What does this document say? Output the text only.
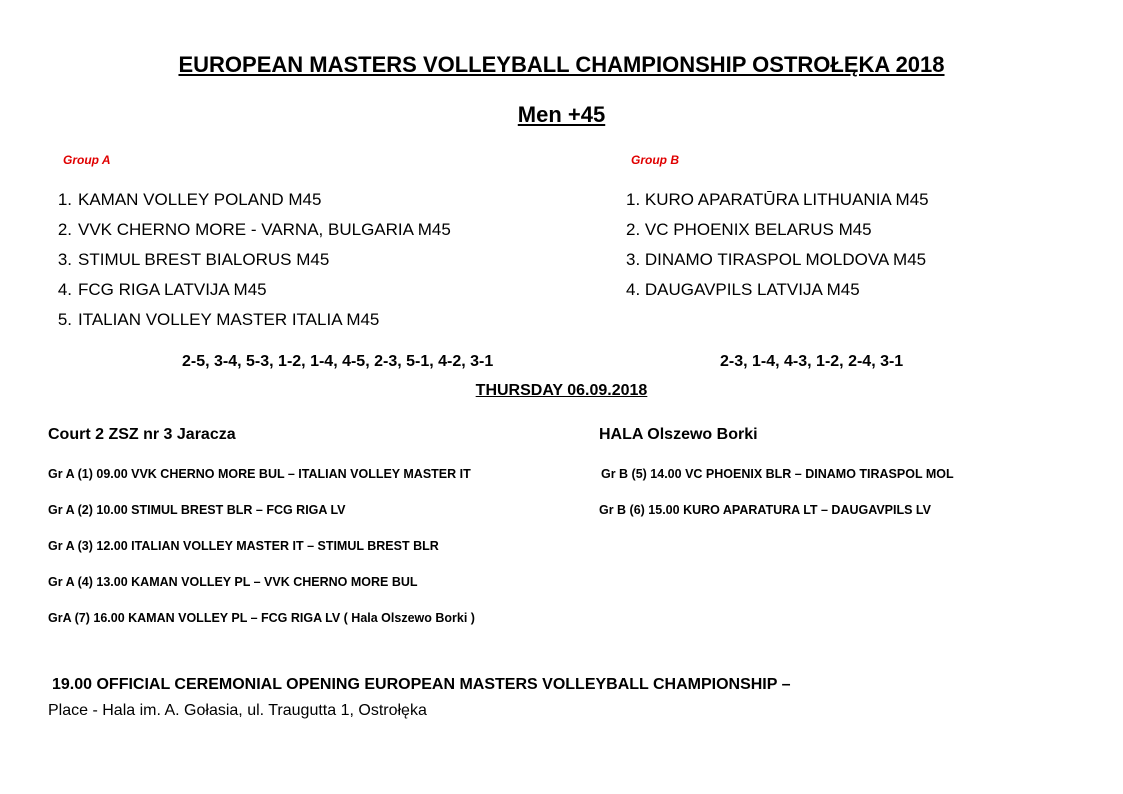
EUROPEAN MASTERS VOLLEYBALL CHAMPIONSHIP OSTROŁĘKA 2018
Men +45
Group A	Group B
1. KAMAN VOLLEY POLAND M45
2. VVK CHERNO MORE - VARNA, BULGARIA M45
3. STIMUL BREST BIALORUS M45
4. FCG RIGA LATVIJA M45
5. ITALIAN VOLLEY MASTER ITALIA M45
1. KURO APARATŪRA LITHUANIA M45
2. VC PHOENIX BELARUS M45
3. DINAMO TIRASPOL MOLDOVA M45
4. DAUGAVPILS LATVIJA M45
2-5, 3-4, 5-3, 1-2, 1-4, 4-5, 2-3, 5-1, 4-2, 3-1	2-3, 1-4, 4-3, 1-2, 2-4, 3-1
THURSDAY 06.09.2018
Court 2 ZSZ nr 3 Jaracza	HALA Olszewo Borki
Gr A (1) 09.00 VVK CHERNO MORE BUL – ITALIAN VOLLEY MASTER IT
Gr A (2) 10.00 STIMUL BREST BLR – FCG RIGA LV
Gr A (3) 12.00 ITALIAN VOLLEY MASTER IT – STIMUL BREST BLR
Gr A (4) 13.00 KAMAN VOLLEY PL – VVK CHERNO MORE BUL
GrA (7) 16.00 KAMAN VOLLEY PL – FCG RIGA LV ( Hala Olszewo Borki )
Gr B (5) 14.00 VC PHOENIX BLR – DINAMO TIRASPOL MOL
Gr B (6) 15.00 KURO APARATURA LT – DAUGAVPILS LV
19.00 OFFICIAL CEREMONIAL OPENING EUROPEAN MASTERS VOLLEYBALL CHAMPIONSHIP –
Place - Hala im. A. Gołasia, ul. Traugutta 1, Ostrołęka
